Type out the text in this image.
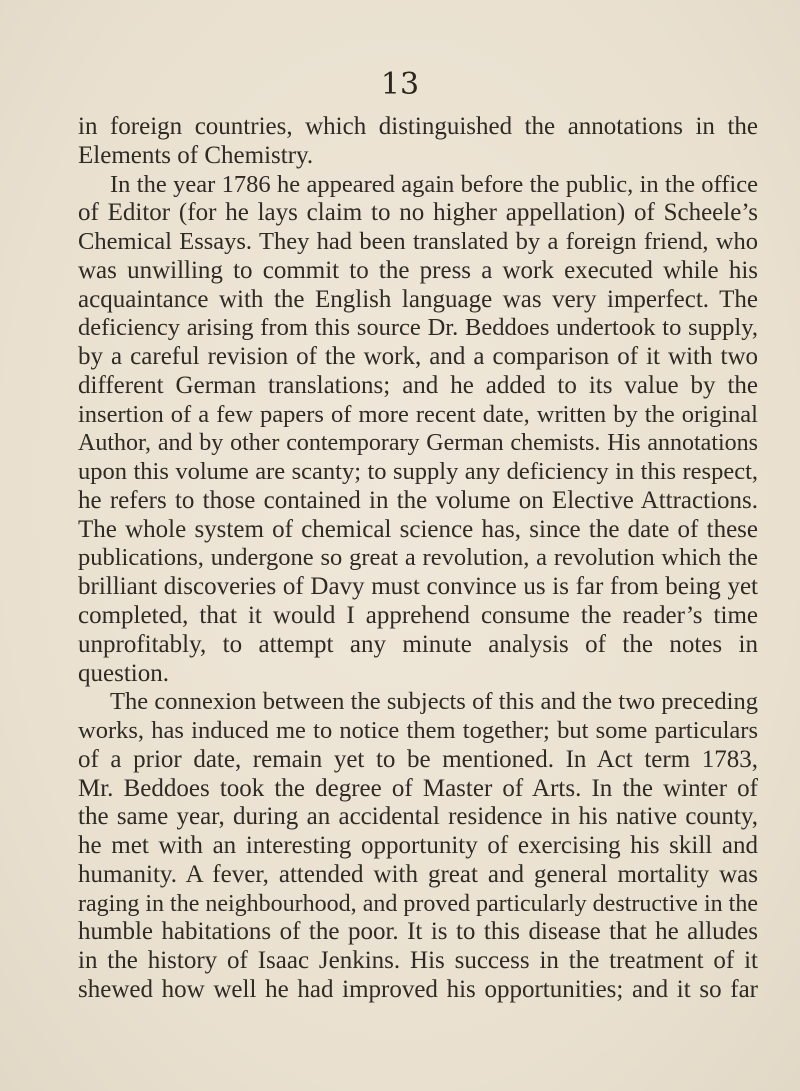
13
in foreign countries, which distinguished the annotations in the
Elements of Chemistry.
In the year 1786 he appeared again before the public, in the office
of Editor (for he lays claim to no higher appellation) of Scheele’s
Chemical Essays. They had been translated by a foreign friend, who
was unwilling to commit to the press a work executed while his
acquaintance with the English language was very imperfect. The
deficiency arising from this source Dr. Beddoes undertook to supply,
by a careful revision of the work, and a comparison of it with two
different German translations; and he added to its value by the
insertion of a few papers of more recent date, written by the original
Author, and by other contemporary German chemists. His annotations
upon this volume are scanty; to supply any deficiency in this respect,
he refers to those contained in the volume on Elective Attractions.
The whole system of chemical science has, since the date of these
publications, undergone so great a revolution, a revolution which the
brilliant discoveries of Davy must convince us is far from being yet
completed, that it would I apprehend consume the reader’s time
unprofitably, to attempt any minute analysis of the notes in
question.
The connexion between the subjects of this and the two preceding
works, has induced me to notice them together; but some particulars
of a prior date, remain yet to be mentioned. In Act term 1783,
Mr. Beddoes took the degree of Master of Arts. In the winter of
the same year, during an accidental residence in his native county,
he met with an interesting opportunity of exercising his skill and
humanity. A fever, attended with great and general mortality was
raging in the neighbourhood, and proved particularly destructive in the
humble habitations of the poor. It is to this disease that he alludes
in the history of Isaac Jenkins. His success in the treatment of it
shewed how well he had improved his opportunities; and it so far
